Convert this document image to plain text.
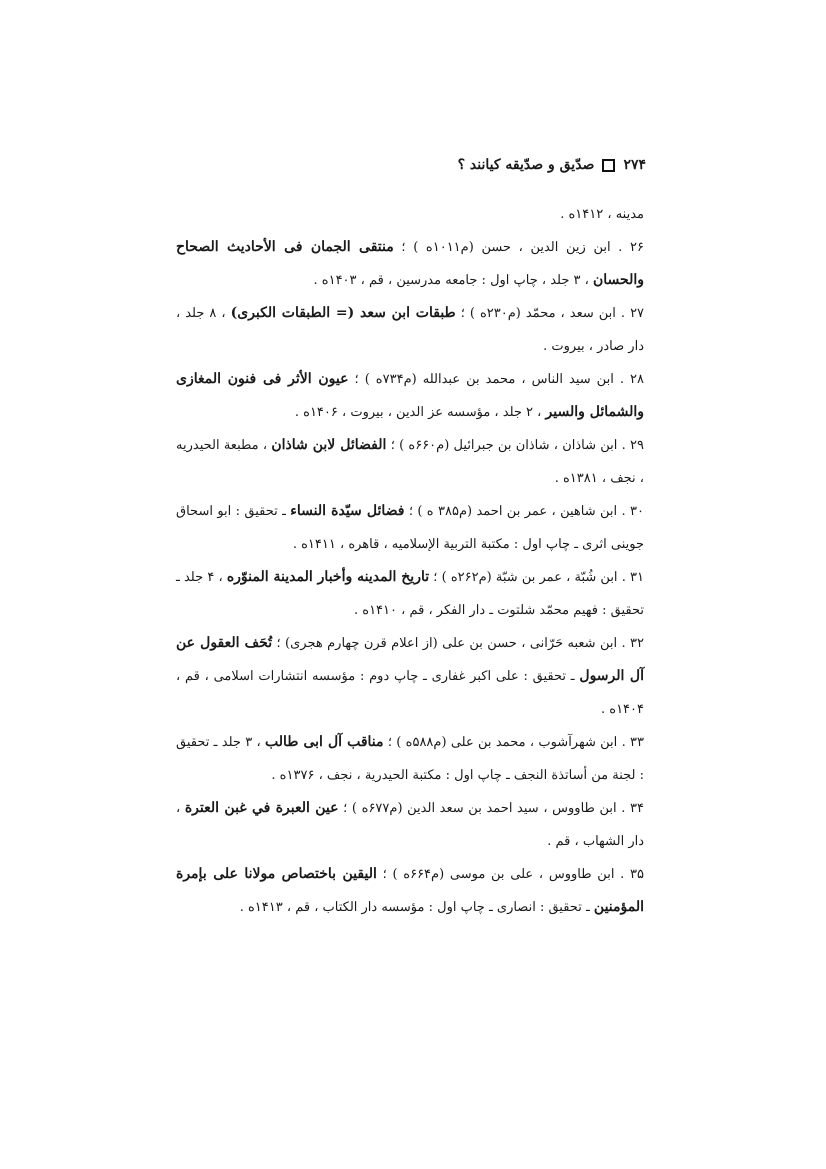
۲۷۴
صدّیق و صدّیقه کیانند ؟

مدینه ، ۱۴۱۲ه .

۲۶ . ابن زین الدین ، حسن (م۱۰۱۱ه ) ؛ منتقی الجمان فی الأحادیث الصحاح والحسان ، ۳ جلد ، چاپ اول : جامعه مدرسین ، قم ، ۱۴۰۳ه .

۲۷ . ابن سعد ، محمّد (م۲۳۰ه ) ؛ طبقات ابن سعد (= الطبقات الکبری) ، ۸ جلد ، دار صادر ، بیروت .

۲۸ . ابن سید الناس ، محمد بن عبدالله (م۷۳۴ه ) ؛ عیون الأثر فی فنون المغازی والشمائل والسیر ، ۲ جلد ، مؤسسه عز الدین ، بیروت ، ۱۴۰۶ه .

۲۹ . ابن شاذان ، شاذان بن جبرائیل (م۶۶۰ه ) ؛ الفضائل لابن شاذان ، مطبعة الحیدریه ، نجف ، ۱۳۸۱ه .

۳۰ . ابن شاهین ، عمر بن احمد (م۳۸۵ ه ) ؛ فضائل سیّدة النساء ـ تحقیق : ابو اسحاق جوینی اثری ـ چاپ اول : مکتبة التربیة الإسلامیه ، قاهره ، ۱۴۱۱ه .

۳۱ . ابن شُبّة ، عمر بن شبّة (م۲۶۲ه ) ؛ تاریخ المدینه وأخبار المدینة المنوّره ، ۴ جلد ـ تحقیق : فهیم محمّد شلتوت ـ دار الفکر ، قم ، ۱۴۱۰ه .

۳۲ . ابن شعبه حَرّانی ، حسن بن علی (از اعلام قرن چهارم هجری) ؛ تُحَف العقول عن آل الرسول ـ تحقیق : علی اکبر غفاری ـ چاپ دوم : مؤسسه انتشارات اسلامی ، قم ، ۱۴۰۴ه .

۳۳ . ابن شهرآشوب ، محمد بن علی (م۵۸۸ه ) ؛ مناقب آل ابی طالب ، ۳ جلد ـ تحقیق : لجنة من أساتذة النجف ـ چاپ اول : مکتبة الحیدریة ، نجف ، ۱۳۷۶ه .

۳۴ . ابن طاووس ، سید احمد بن سعد الدین (م۶۷۷ه ) ؛ عین العبرة في غبن العترة ، دار الشهاب ، قم .

۳۵ . ابن طاووس ، علی بن موسی (م۶۶۴ه ) ؛ الیقین باختصاص مولانا علی بإمرة المؤمنین ـ تحقیق : انصاری ـ چاپ اول : مؤسسه دار الکتاب ، قم ، ۱۴۱۳ه .
